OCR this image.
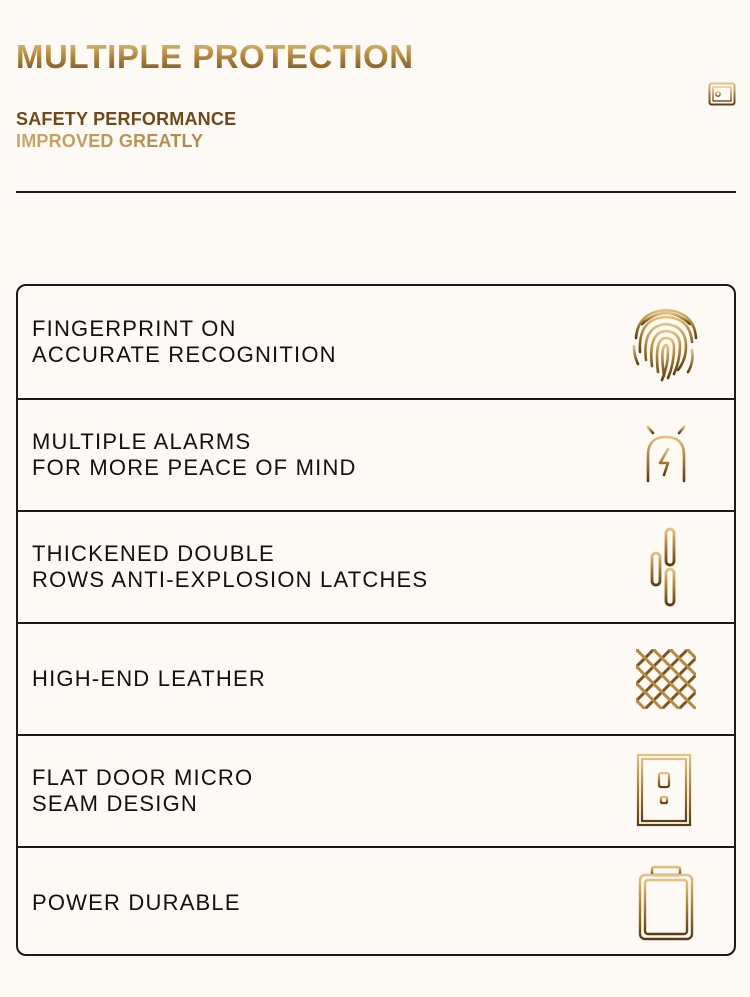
MULTIPLE PROTECTION
SAFETY PERFORMANCE
IMPROVED GREATLY
FINGERPRINT ON
ACCURATE RECOGNITION
MULTIPLE ALARMS
FOR MORE PEACE OF MIND
THICKENED DOUBLE
ROWS ANTI-EXPLOSION LATCHES
HIGH-END LEATHER
FLAT DOOR MICRO
SEAM DESIGN
POWER DURABLE
